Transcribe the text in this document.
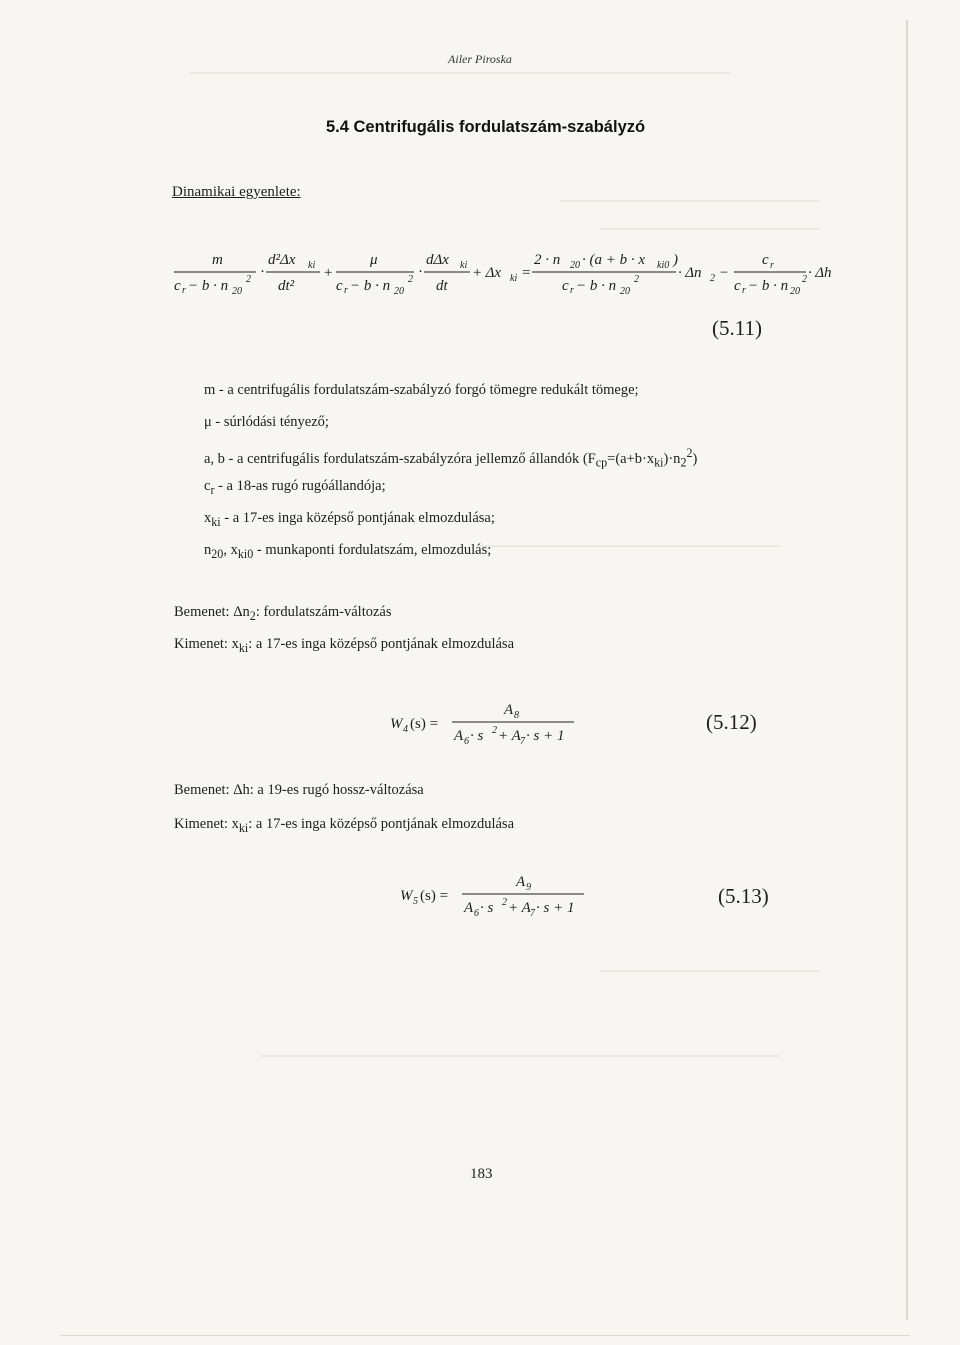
Ailer Piroska
5.4 Centrifugális fordulatszám-szabályzó
Dinamikai egyenlete:
m
c r − b · n 20
2 ·
d²Δx ki
dt²
+
μ
c r − b · n 20
2 ·
dΔx ki
dt
+ Δx ki =
2 · n 20 · (a + b · x ki0 )
c r − b · n 20
2	· Δn 2 −
c r
c r − b · n 20
2 · Δh
(5.11)
m - a centrifugális fordulatszám-szabályzó forgó tömegre redukált tömege;
μ - súrlódási tényező;
a, b - a centrifugális fordulatszám-szabályzóra jellemző állandók $(F_{cp}=(a+b\cdot x_{ki})\cdot n_2^2)$
$c_r$ - a 18-as rugó rugóállandója;
$x_{ki}$ - a 17-es inga középső pontjának elmozdulása;
$n_{20}$, $x_{ki0}$ - munkaponti fordulatszám, elmozdulás;
Bemenet: $\Delta n_2$: fordulatszám-változás
Kimenet: $x_{ki}$: a 17-es inga középső pontjának elmozdulása
W 4 (s) =
A 8
A 6 · s 2 + A 7 · s + 1
(5.12)
Bemenet: Δh: a 19-es rugó hossz-változása
Kimenet: $x_{ki}$: a 17-es inga középső pontjának elmozdulása
W 5 (s) =
A 9
A 6 · s 2 + A 7 · s + 1	(5.13)
183
